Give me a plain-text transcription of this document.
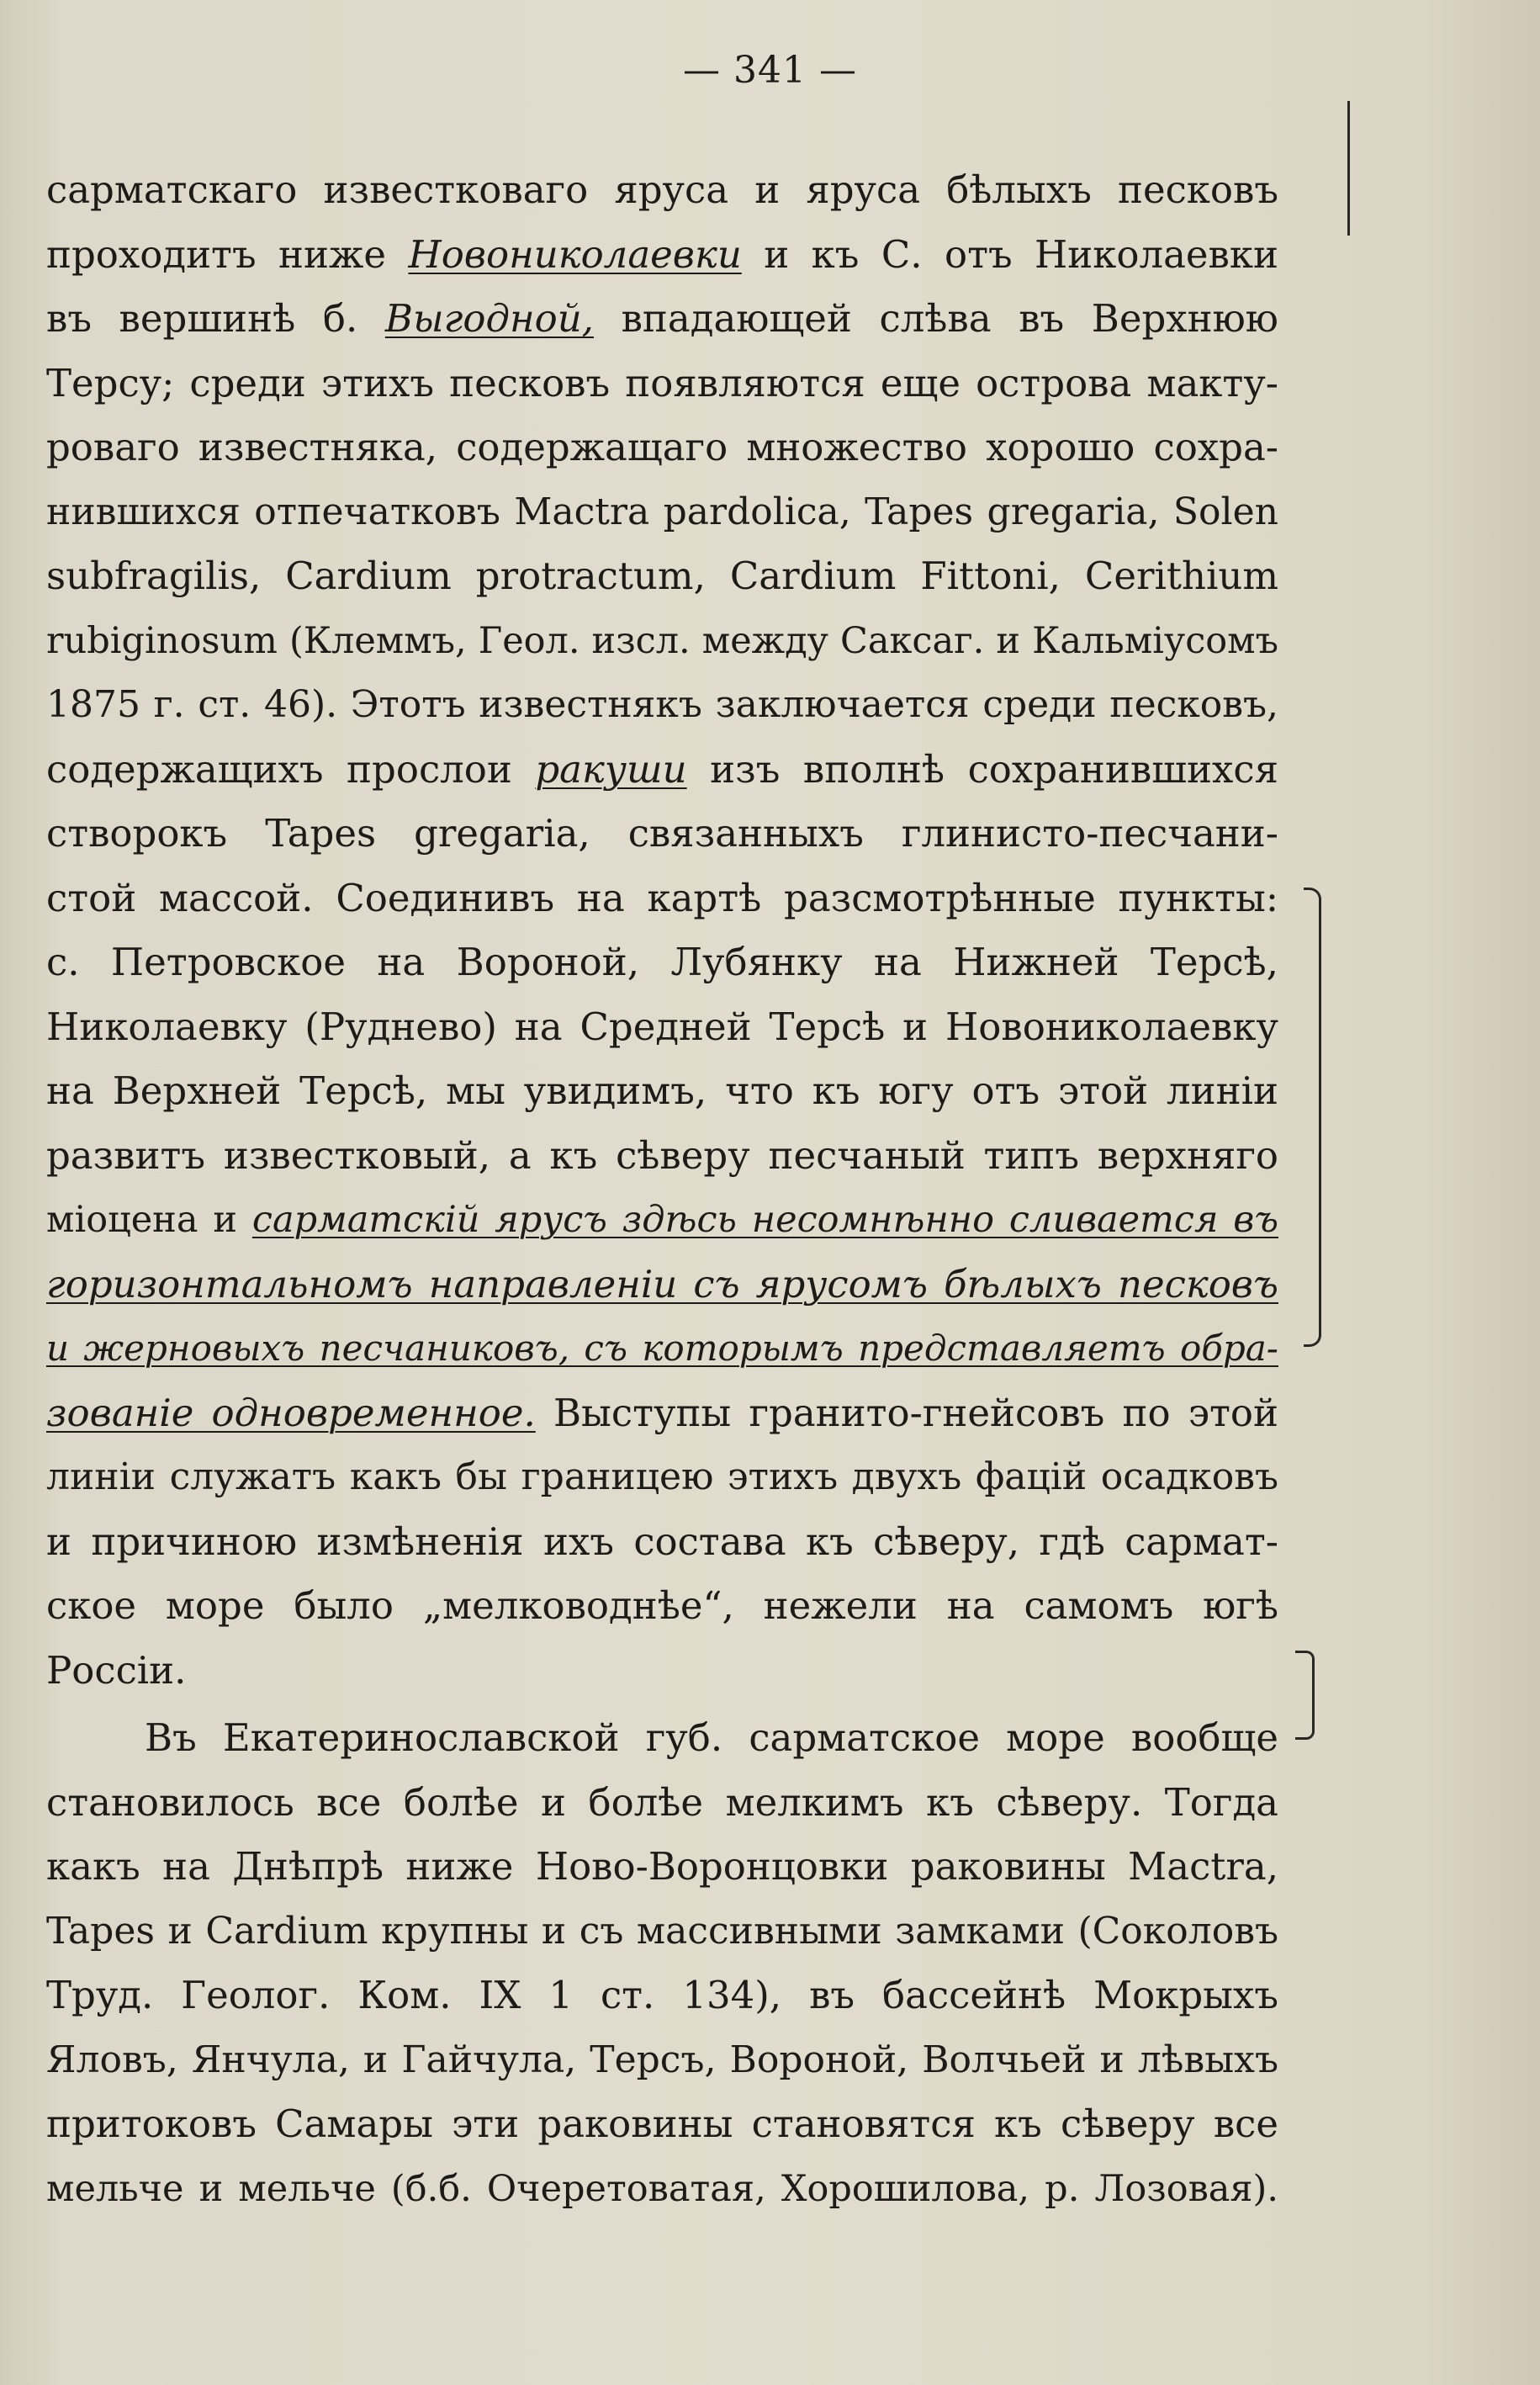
— 341 —
сарматскаго известковаго яруса и яруса бѣлыхъ песковъ
проходитъ ниже Новониколаевки и къ С. отъ Николаевки
въ вершинѣ б. Выгодной, впадающей слѣва въ Верхнюю
Терсу; среди этихъ песковъ появляются еще острова макту-
роваго известняка, содержащаго множество хорошо сохра-
нившихся отпечатковъ Mactra pardolica, Tapes gregaria, Solen
subfragilis, Cardium protractum, Cardium Fittoni, Cerithium
rubiginosum (Клеммъ, Геол. изсл. между Саксаг. и Кальміусомъ
1875 г. ст. 46). Этотъ известнякъ заключается среди песковъ,
содержащихъ прослои ракуши изъ вполнѣ сохранившихся
створокъ Tapes gregaria, связанныхъ глинисто-песчани-
стой массой. Соединивъ на картѣ разсмотрѣнные пункты:
с. Петровское на Вороной, Лубянку на Нижней Терсѣ,
Николаевку (Руднево) на Средней Терсѣ и Новониколаевку
на Верхней Терсѣ, мы увидимъ, что къ югу отъ этой линіи
развитъ известковый, а къ сѣверу песчаный типъ верхняго
міоцена и сарматскій ярусъ здѣсь несомнѣнно сливается въ
горизонтальномъ направленіи съ ярусомъ бѣлыхъ песковъ
и жерновыхъ песчаниковъ, съ которымъ представляетъ обра-
зованіе одновременное. Выступы гранито-гнейсовъ по этой
линіи служатъ какъ бы границею этихъ двухъ фацій осадковъ
и причиною измѣненія ихъ состава къ сѣверу, гдѣ сармат-
ское море было „мелководнѣе“, нежели на самомъ югѣ
Россіи.
Въ Екатеринославской губ. сарматское море вообще
становилось все болѣе и болѣе мелкимъ къ сѣверу. Тогда
какъ на Днѣпрѣ ниже Ново-Воронцовки раковины Mactra,
Tapes и Cardium крупны и съ массивными замками (Соколовъ
Труд. Геолог. Ком. IX 1 ст. 134), въ бассейнѣ Мокрыхъ
Яловъ, Янчула, и Гайчула, Терсъ, Вороной, Волчьей и лѣвыхъ
притоковъ Самары эти раковины становятся къ сѣверу все
мельче и мельче (б.б. Очеретоватая, Хорошилова, р. Лозовая).
